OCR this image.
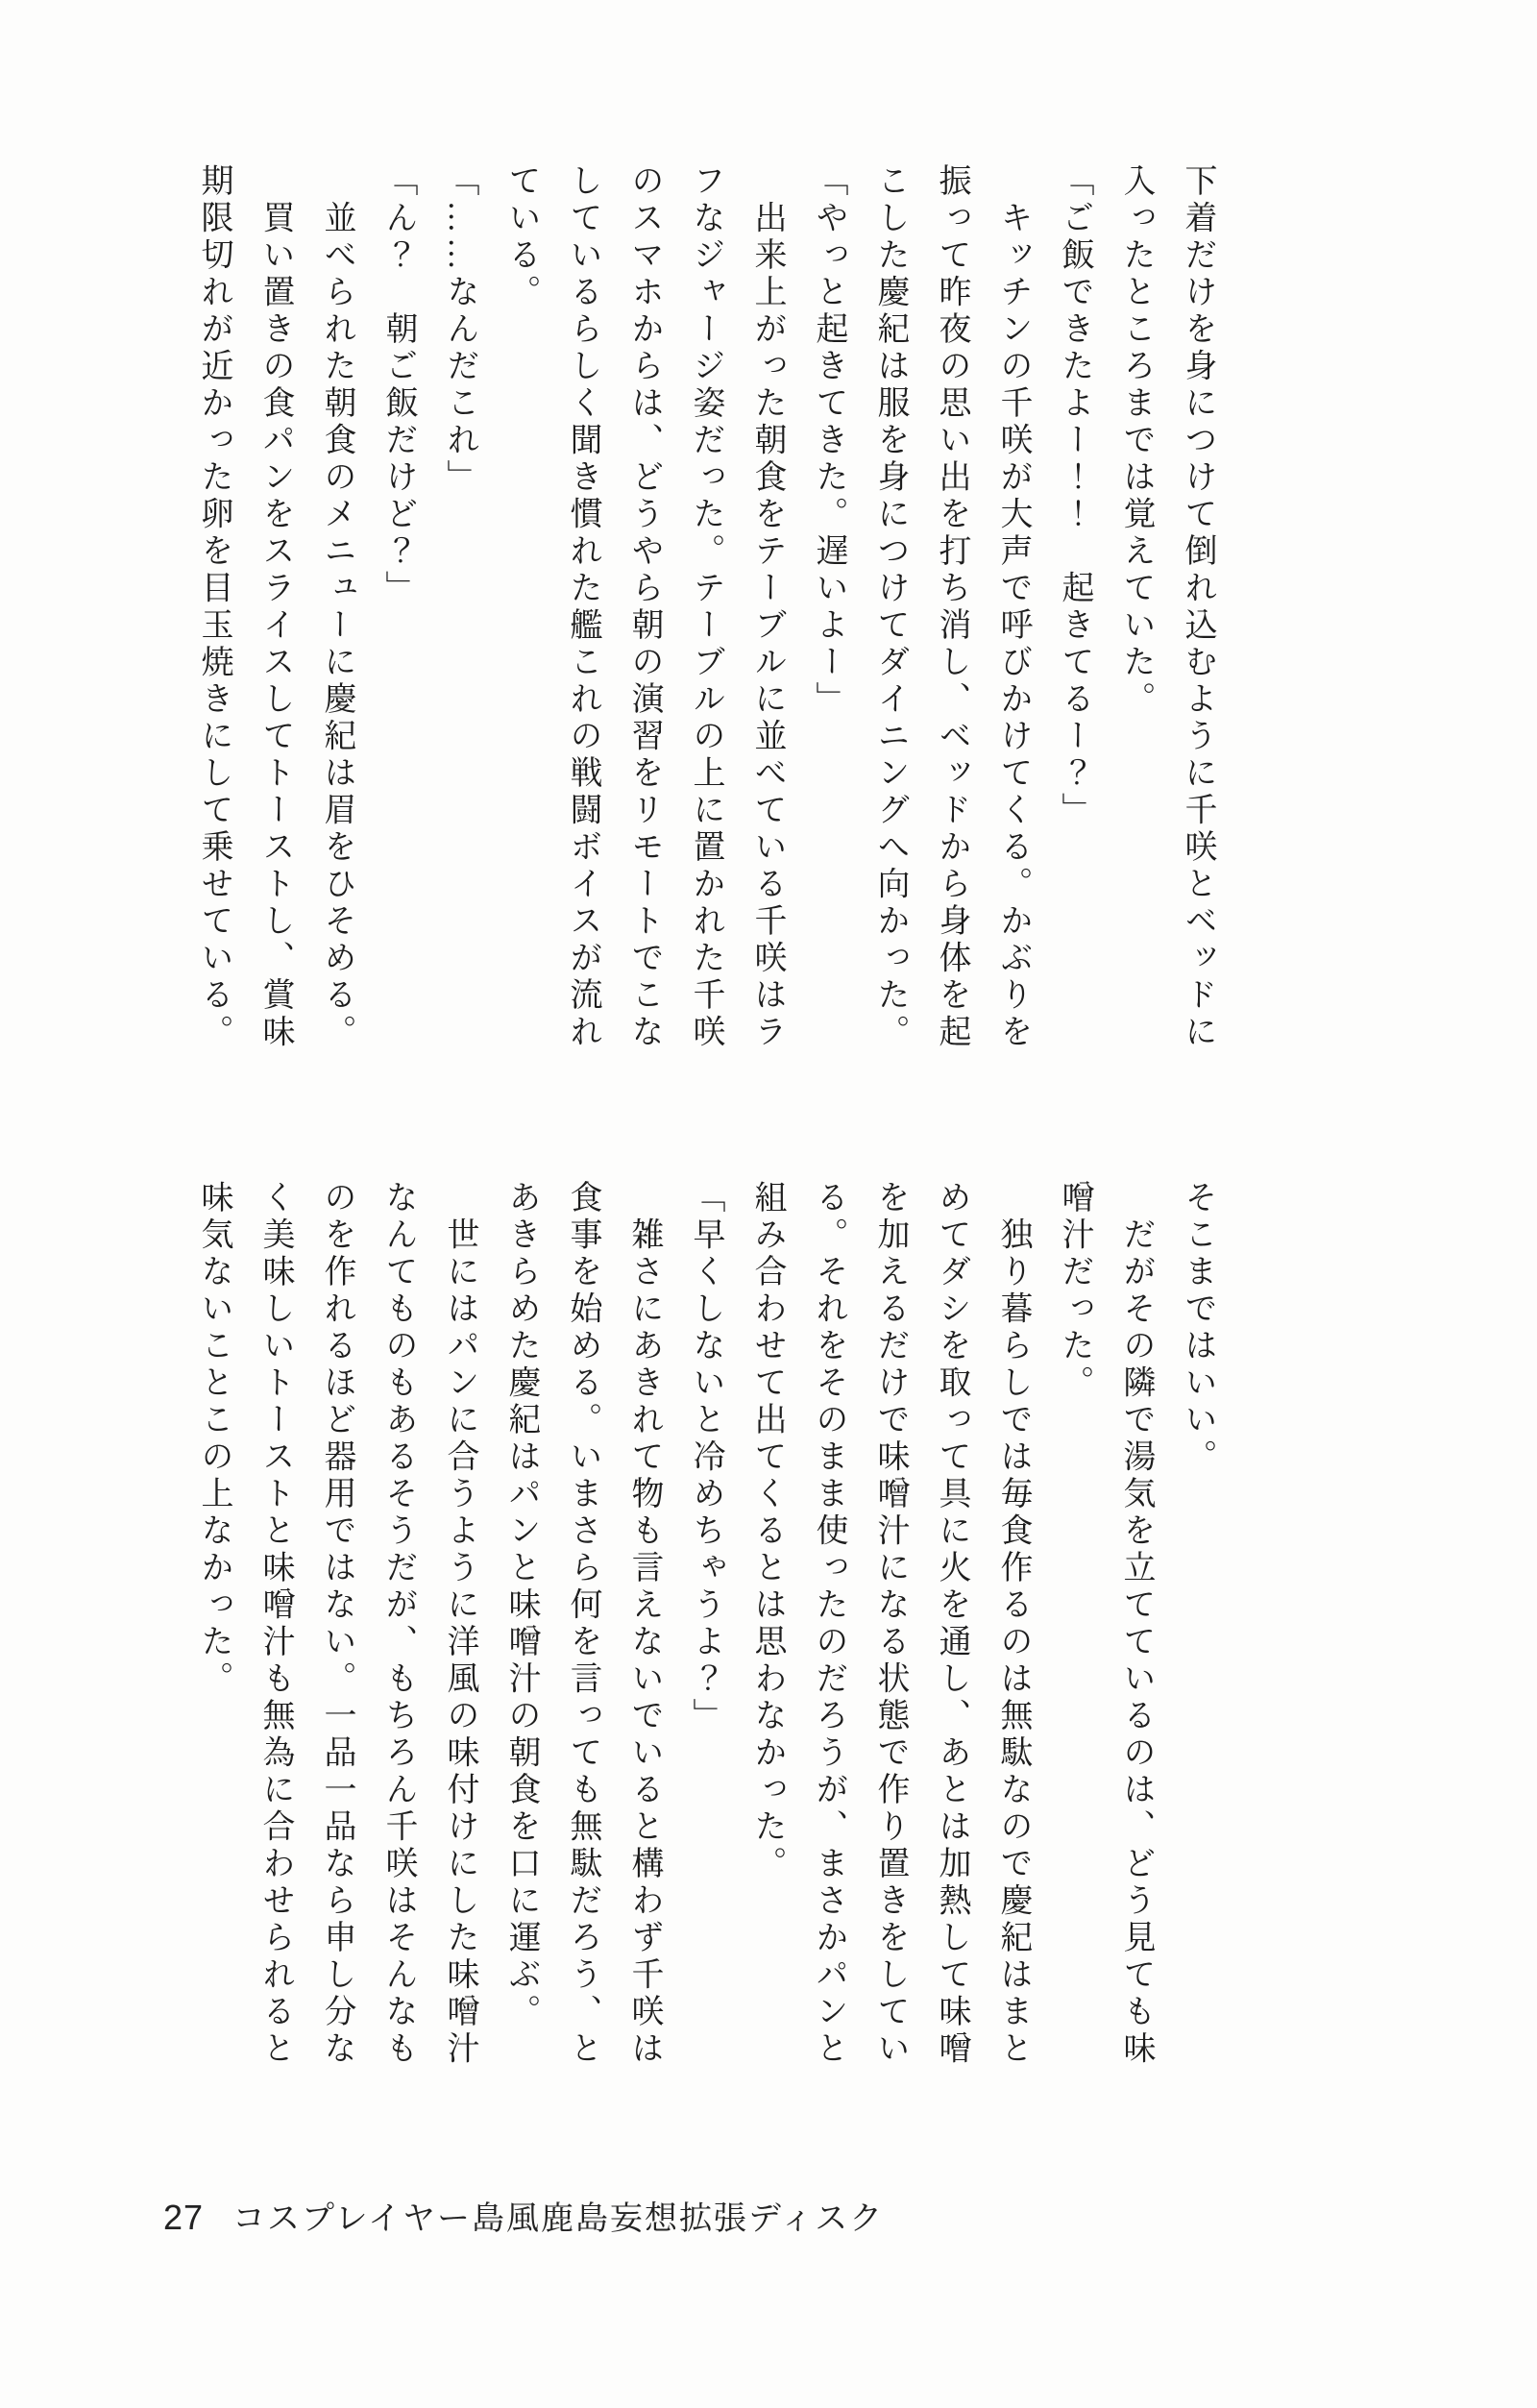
下着だけを身につけて倒れ込むように千咲とベッドに入ったところまでは覚えていた。

「ご飯できたよー！！　起きてるー？」

　キッチンの千咲が大声で呼びかけてくる。かぶりを振って昨夜の思い出を打ち消し、ベッドから身体を起こした慶紀は服を身につけてダイニングへ向かった。

「やっと起きてきた。遅いよー」

　出来上がった朝食をテーブルに並べている千咲はラフなジャージ姿だった。テーブルの上に置かれた千咲のスマホからは、どうやら朝の演習をリモートでこなしているらしく聞き慣れた艦これの戦闘ボイスが流れている。

「……なんだこれ」

「ん？　朝ご飯だけど？」

　並べられた朝食のメニューに慶紀は眉をひそめる。

　買い置きの食パンをスライスしてトーストし、賞味期限切れが近かった卵を目玉焼きにして乗せている。

そこまではいい。

　だがその隣で湯気を立てているのは、どう見ても味噌汁だった。

　独り暮らしでは毎食作るのは無駄なので慶紀はまとめてダシを取って具に火を通し、あとは加熱して味噌を加えるだけで味噌汁になる状態で作り置きをしている。それをそのまま使ったのだろうが、まさかパンと組み合わせて出てくるとは思わなかった。

「早くしないと冷めちゃうよ？」

　雑さにあきれて物も言えないでいると構わず千咲は食事を始める。いまさら何を言っても無駄だろう、とあきらめた慶紀はパンと味噌汁の朝食を口に運ぶ。

　世にはパンに合うように洋風の味付けにした味噌汁なんてものもあるそうだが、もちろん千咲はそんなものを作れるほど器用ではない。一品一品なら申し分なく美味しいトーストと味噌汁も無為に合わせられると味気ないことこの上なかった。

27 コスプレイヤー島風鹿島妄想拡張ディスク
